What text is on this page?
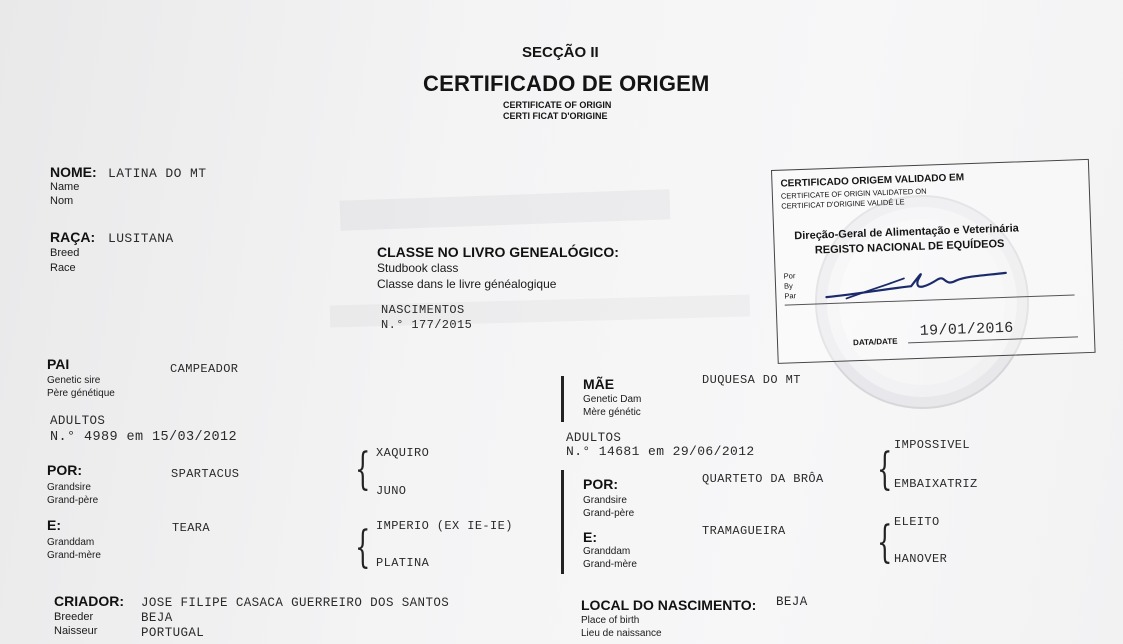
SECÇÃO II
CERTIFICADO DE ORIGEM
CERTIFICATE OF ORIGIN
CERTI FICAT D'ORIGINE
NOME:
Name
Nom
LATINA DO MT
RAÇA:
Breed
Race
LUSITANA
CLASSE NO LIVRO GENEALÓGICO:
Studbook class
Classe dans le livre généalogique
NASCIMENTOS
N.° 177/2015
CERTIFICADO ORIGEM VALIDADO EM
CERTIFICATE OF ORIGIN VALIDATED ON
CERTIFICAT D'ORIGINE VALIDÉ LE
Direção-Geral de Alimentação e Veterinária
REGISTO NACIONAL DE EQUÍDEOS
Por
By
Par
DATA/DATE
19/01/2016
PAI
Genetic sire
Père génétique
CAMPEADOR
ADULTOS
N.° 4989 em 15/03/2012
POR:
Grandsire
Grand-père
SPARTACUS	{ XAQUIRO
JUNO
E:
Granddam
Grand-mère
TEARA	{ IMPERIO (EX IE-IE)
PLATINA
MÃE
Genetic Dam
Mère génétic
DUQUESA DO MT
ADULTOS
N.° 14681 em 29/06/2012
POR:
Grandsire
Grand-père
QUARTETO DA BRÔA { IMPOSSIVEL
EMBAIXATRIZ
E:
Granddam
Grand-mère
TRAMAGUEIRA { ELEITO
HANOVER
CRIADOR:
Breeder
Naisseur
JOSE FILIPE CASACA GUERREIRO DOS SANTOS
BEJA
PORTUGAL
LOCAL DO NASCIMENTO:
Place of birth
Lieu de naissance
BEJA
